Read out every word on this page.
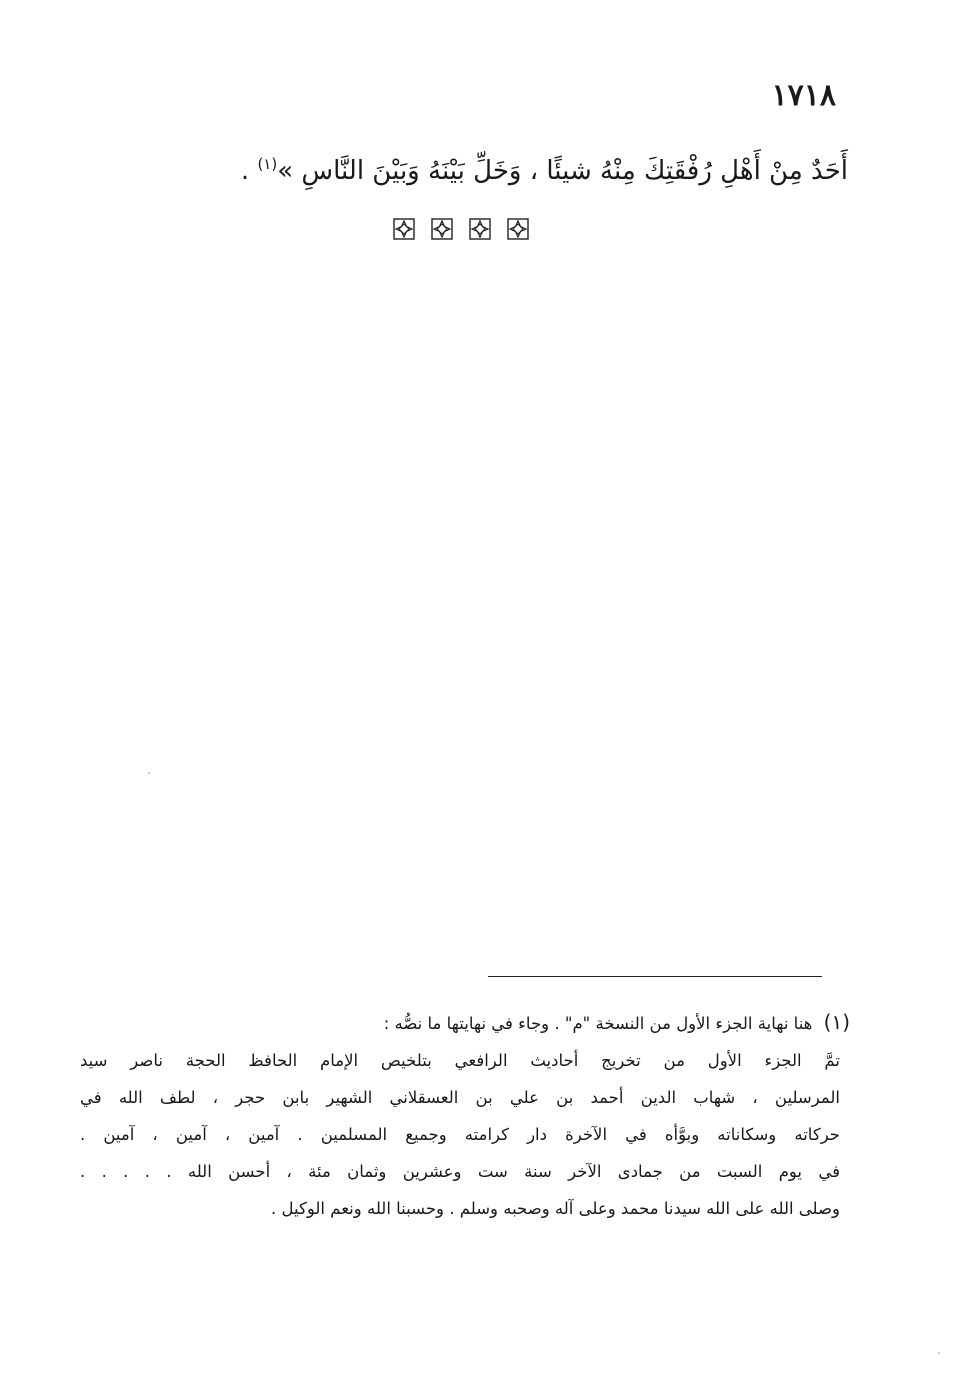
١٧١٨
أَحَدٌ مِنْ أَهْلِ رُفْقَتِكَ مِنْهُ شيئًا ، وَخَلِّ بَيْنَهُ وَبَيْنَ النَّاسِ »$^{(١)}$ .
(١) هنا نهاية الجزء الأول من النسخة "م" . وجاء في نهايتها ما نصُّه :
تمَّ الجزء الأول من تخريج أحاديث الرافعي بتلخيص الإمام الحافظ الحجة ناصر سيد
المرسلين ، شهاب الدين أحمد بن علي بن العسقلاني الشهير بابن حجر ، لطف الله في
حركاته وسكاناته وبوَّأه في الآخرة دار كرامته وجميع المسلمين . آمين ، آمين ، آمين .
في يوم السبت من جمادى الآخر سنة ست وعشرين وثمان مئة ، أحسن الله . . . . .
وصلى الله على الله سيدنا محمد وعلى آله وصحبه وسلم . وحسبنا الله ونعم الوكيل .
